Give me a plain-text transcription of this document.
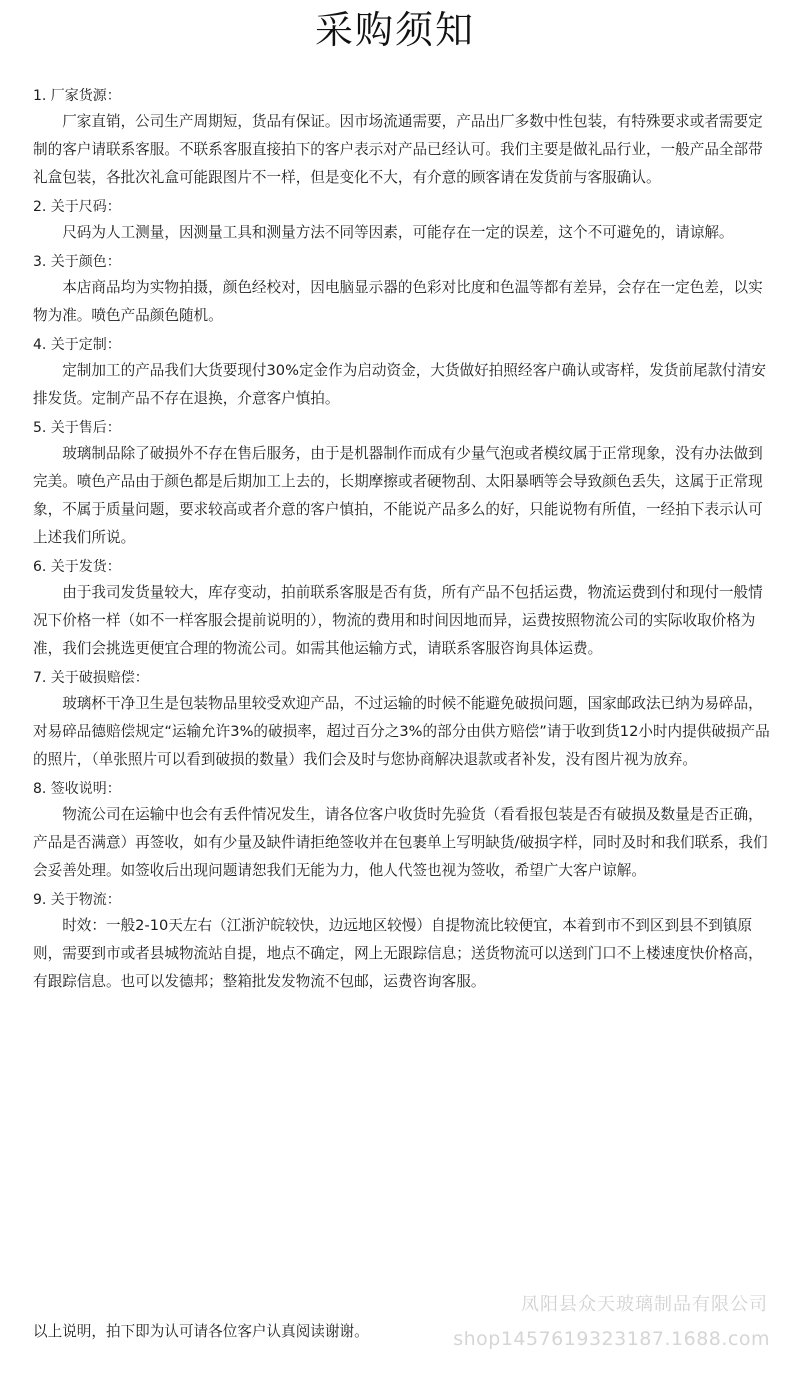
采购须知

1. 厂家货源：

厂家直销，公司生产周期短，货品有保证。因市场流通需要，产品出厂多数中性包装，有特殊要求或者需要定制的客户请联系客服。不联系客服直接拍下的客户表示对产品已经认可。我们主要是做礼品行业，一般产品全部带礼盒包装，各批次礼盒可能跟图片不一样，但是变化不大，有介意的顾客请在发货前与客服确认。

2. 关于尺码：

尺码为人工测量，因测量工具和测量方法不同等因素，可能存在一定的误差，这个不可避免的，请谅解。

3. 关于颜色：

本店商品均为实物拍摄，颜色经校对，因电脑显示器的色彩对比度和色温等都有差异，会存在一定色差，以实物为准。喷色产品颜色随机。

4. 关于定制：

定制加工的产品我们大货要现付30%定金作为启动资金，大货做好拍照经客户确认或寄样，发货前尾款付清安排发货。定制产品不存在退换，介意客户慎拍。

5. 关于售后：

玻璃制品除了破损外不存在售后服务，由于是机器制作而成有少量气泡或者模纹属于正常现象，没有办法做到完美。喷色产品由于颜色都是后期加工上去的，长期摩擦或者硬物刮、太阳暴晒等会导致颜色丢失，这属于正常现象，不属于质量问题，要求较高或者介意的客户慎拍，不能说产品多么的好，只能说物有所值，一经拍下表示认可上述我们所说。

6. 关于发货：

由于我司发货量较大，库存变动，拍前联系客服是否有货，所有产品不包括运费，物流运费到付和现付一般情况下价格一样（如不一样客服会提前说明的），物流的费用和时间因地而异，运费按照物流公司的实际收取价格为准，我们会挑选更便宜合理的物流公司。如需其他运输方式，请联系客服咨询具体运费。

7. 关于破损赔偿：

玻璃杯干净卫生是包装物品里较受欢迎产品，不过运输的时候不能避免破损问题，国家邮政法已纳为易碎品，对易碎品德赔偿规定“运输允许3%的破损率，超过百分之3%的部分由供方赔偿”请于收到货12小时内提供破损产品的照片，（单张照片可以看到破损的数量）我们会及时与您协商解决退款或者补发，没有图片视为放弃。

8. 签收说明：

物流公司在运输中也会有丢件情况发生，请各位客户收货时先验货（看看报包装是否有破损及数量是否正确，产品是否满意）再签收，如有少量及缺件请拒绝签收并在包裹单上写明缺货/破损字样，同时及时和我们联系，我们会妥善处理。如签收后出现问题请恕我们无能为力，他人代签也视为签收，希望广大客户谅解。

9. 关于物流：

时效：一般2-10天左右（江浙沪皖较快，边远地区较慢）自提物流比较便宜，本着到市不到区到县不到镇原则，需要到市或者县城物流站自提，地点不确定，网上无跟踪信息；送货物流可以送到门口不上楼速度快价格高，有跟踪信息。也可以发德邦；整箱批发发物流不包邮，运费咨询客服。

凤阳县众天玻璃制品有限公司
以上说明，拍下即为认可请各位客户认真阅读谢谢。	shop1457619323187.1688.com
